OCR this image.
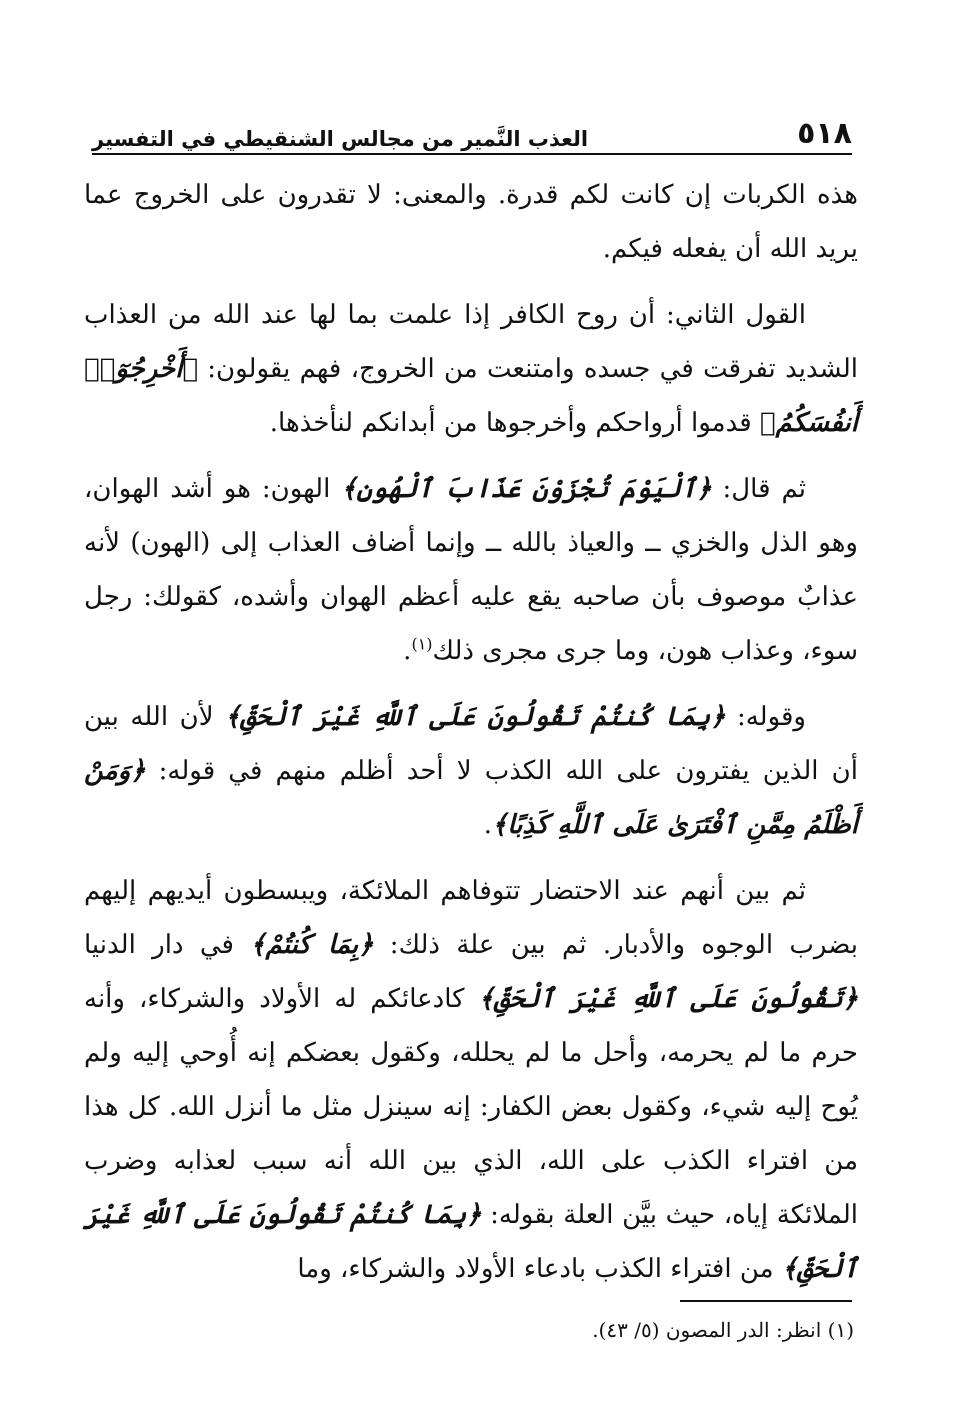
٥١٨
العذب النَّمير من مجالس الشنقيطي في التفسير

هذه الكربات إن كانت لكم قدرة. والمعنى: لا تقدرون على الخروج عما يريد الله أن يفعله فيكم.

القول الثاني: أن روح الكافر إذا علمت بما لها عند الله من العذاب الشديد تفرقت في جسده وامتنعت من الخروج، فهم يقولون: ﴿أَخْرِجُوٓا۟ أَنفُسَكُمُ﴾ قدموا أرواحكم وأخرجوها من أبدانكم لنأخذها.

ثم قال: ﴿ٱلْيَوْمَ تُجْزَوْنَ عَذَابَ ٱلْهُونِ﴾ الهون: هو أشد الهوان، وهو الذل والخزي ــ والعياذ بالله ــ وإنما أضاف العذاب إلى (الهون) لأنه عذابٌ موصوف بأن صاحبه يقع عليه أعظم الهوان وأشده، كقولك: رجل سوء، وعذاب هون، وما جرى مجرى ذلك$^{(١)}$.

وقوله: ﴿بِمَا كُنتُمْ تَقُولُونَ عَلَى ٱللَّهِ غَيْرَ ٱلْحَقِّ﴾ لأن الله بين أن الذين يفترون على الله الكذب لا أحد أظلم منهم في قوله: ﴿وَمَنْ أَظْلَمُ مِمَّنِ ٱفْتَرَىٰ عَلَى ٱللَّهِ كَذِبًا﴾.

ثم بين أنهم عند الاحتضار تتوفاهم الملائكة، ويبسطون أيديهم إليهم بضرب الوجوه والأدبار. ثم بين علة ذلك: ﴿بِمَا كُنتُمْ﴾ في دار الدنيا ﴿تَقُولُونَ عَلَى ٱللَّهِ غَيْرَ ٱلْحَقِّ﴾ كادعائكم له الأولاد والشركاء، وأنه حرم ما لم يحرمه، وأحل ما لم يحلله، وكقول بعضكم إنه أُوحي إليه ولم يُوح إليه شيء، وكقول بعض الكفار: إنه سينزل مثل ما أنزل الله. كل هذا من افتراء الكذب على الله، الذي بين الله أنه سبب لعذابه وضرب الملائكة إياه، حيث بيَّن العلة بقوله: ﴿بِمَا كُنتُمْ تَقُولُونَ عَلَى ٱللَّهِ غَيْرَ ٱلْحَقِّ﴾ من افتراء الكذب بادعاء الأولاد والشركاء، وما

(١) انظر: الدر المصون (٥/ ٤٣).
